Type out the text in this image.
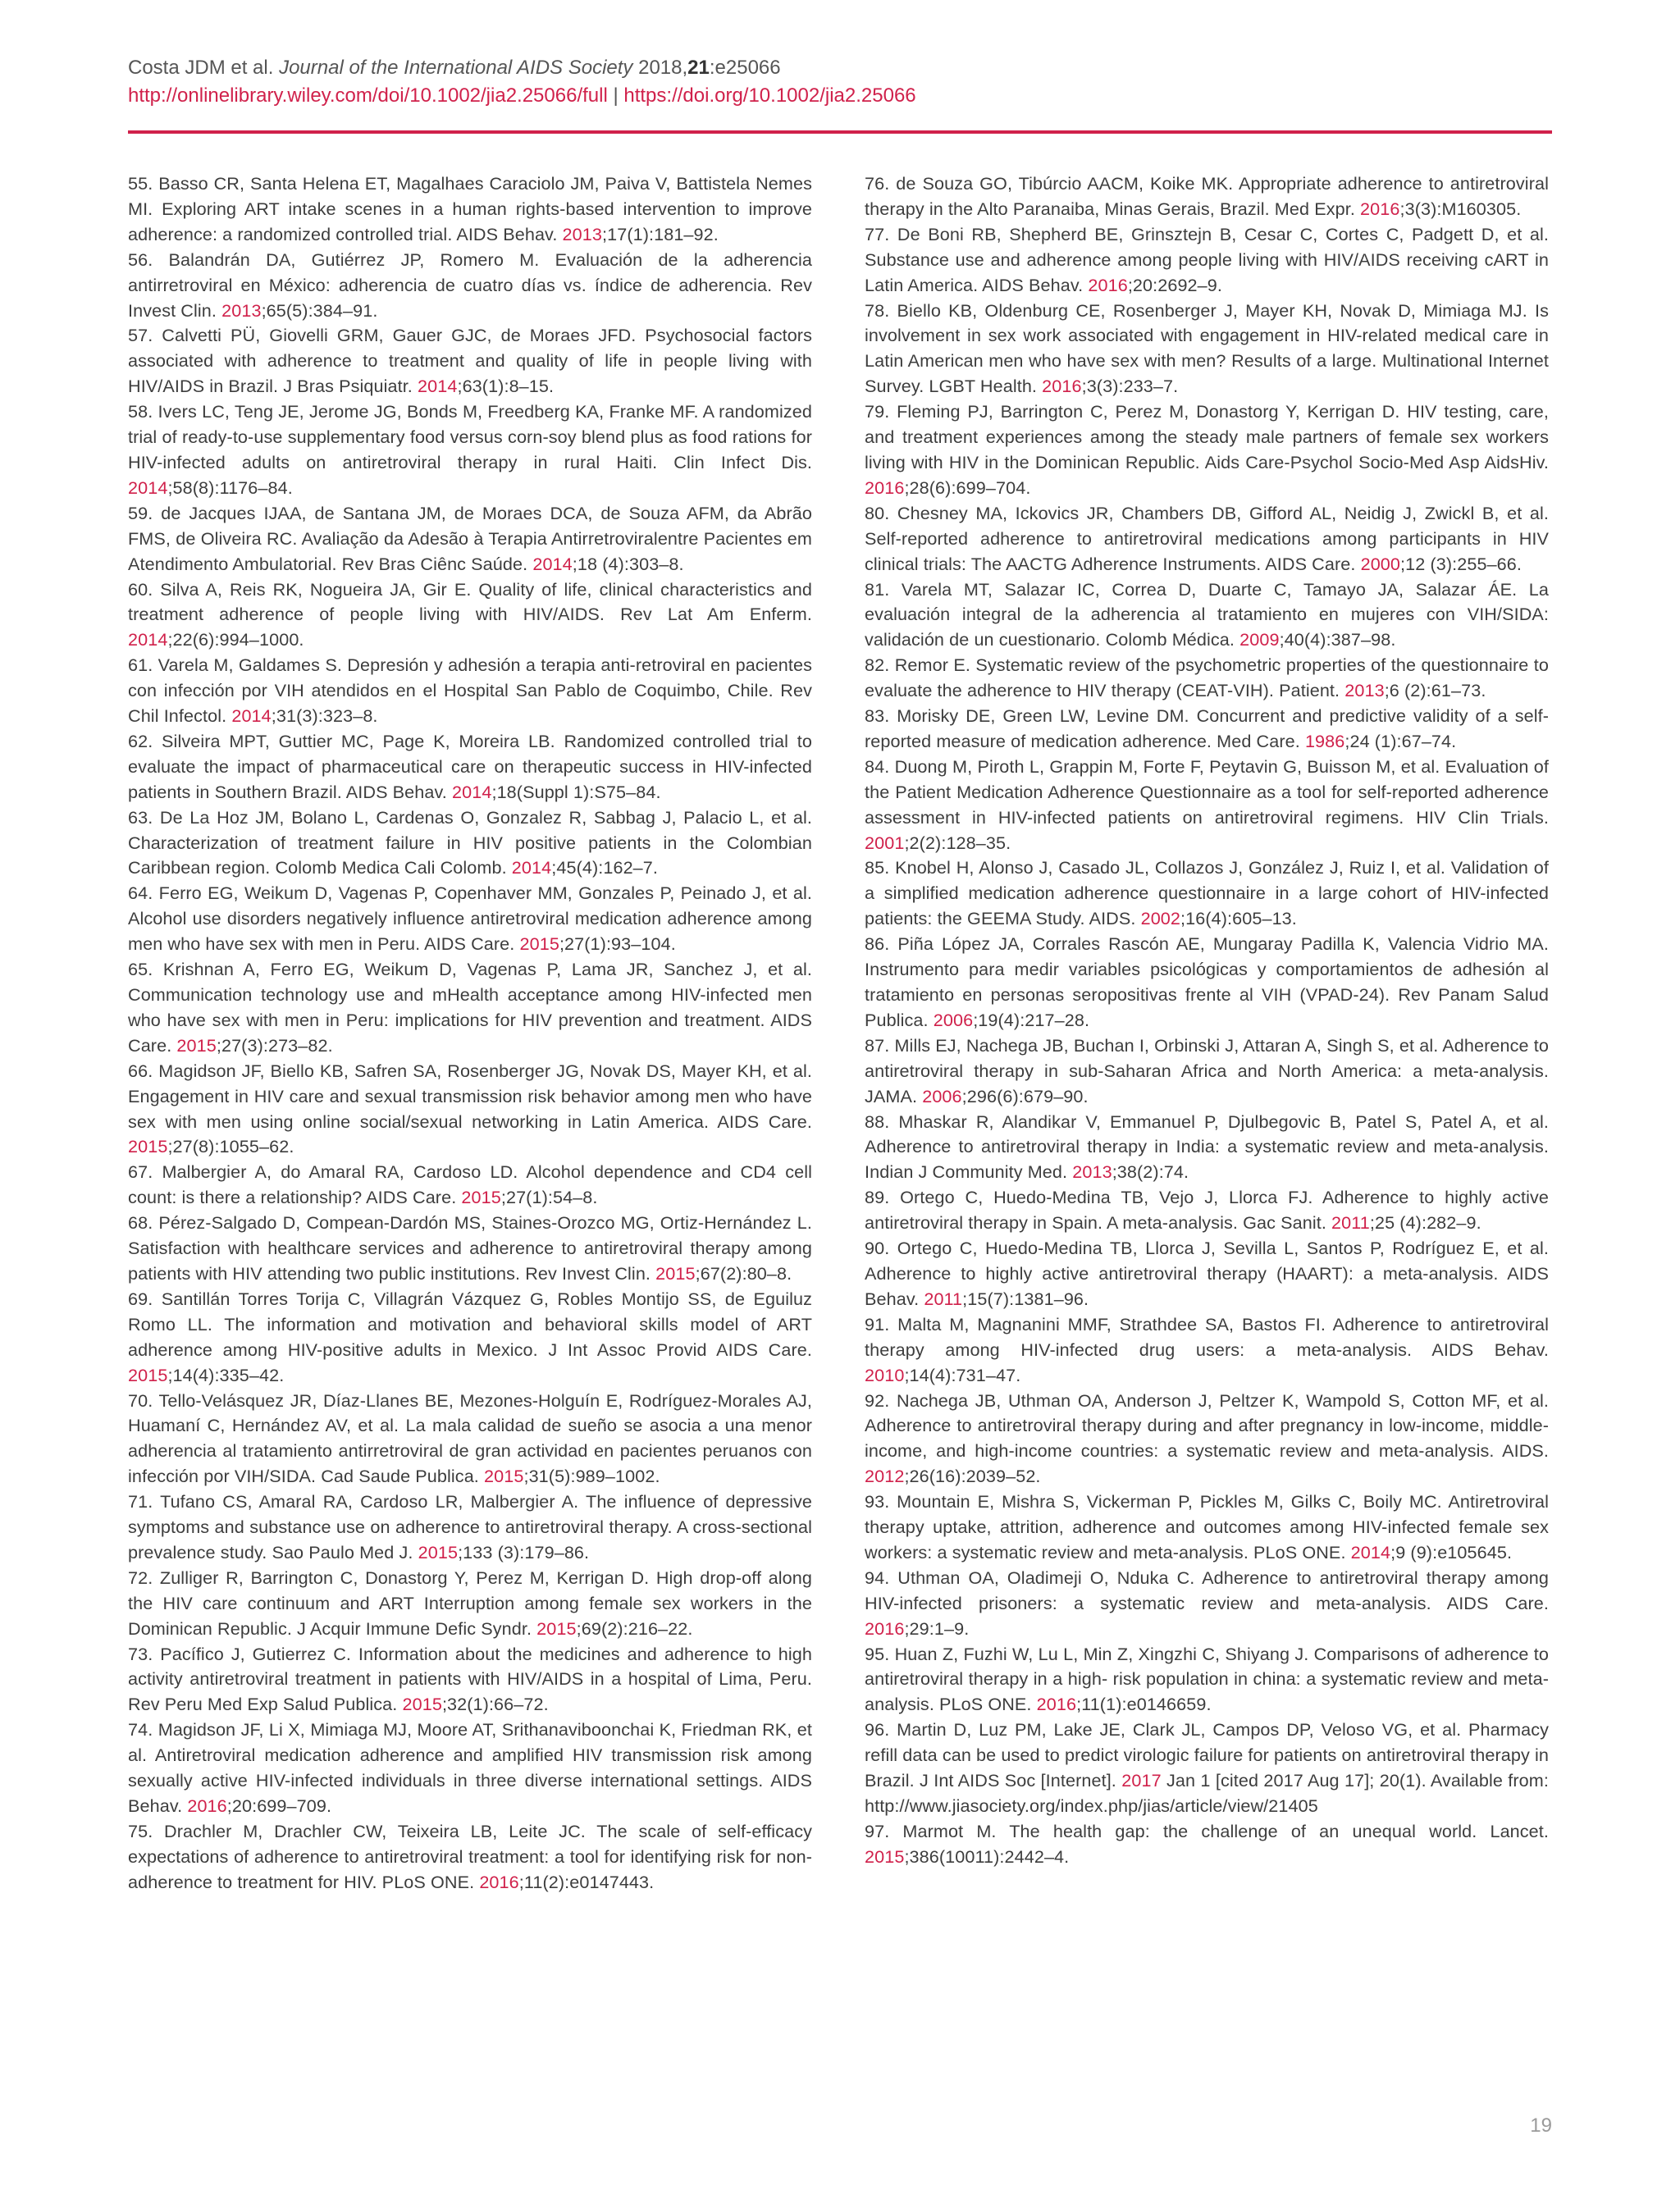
Costa JDM et al. Journal of the International AIDS Society 2018,21:e25066
http://onlinelibrary.wiley.com/doi/10.1002/jia2.25066/full | https://doi.org/10.1002/jia2.25066

55. Basso CR, Santa Helena ET, Magalhaes Caraciolo JM, Paiva V, Battistela Nemes MI. Exploring ART intake scenes in a human rights-based intervention to improve adherence: a randomized controlled trial. AIDS Behav. 2013;17(1):181–92.

56. Balandrán DA, Gutiérrez JP, Romero M. Evaluación de la adherencia antirretroviral en México: adherencia de cuatro días vs. índice de adherencia. Rev Invest Clin. 2013;65(5):384–91.

57. Calvetti PÜ, Giovelli GRM, Gauer GJC, de Moraes JFD. Psychosocial factors associated with adherence to treatment and quality of life in people living with HIV/AIDS in Brazil. J Bras Psiquiatr. 2014;63(1):8–15.

58. Ivers LC, Teng JE, Jerome JG, Bonds M, Freedberg KA, Franke MF. A randomized trial of ready-to-use supplementary food versus corn-soy blend plus as food rations for HIV-infected adults on antiretroviral therapy in rural Haiti. Clin Infect Dis. 2014;58(8):1176–84.

59. de Jacques IJAA, de Santana JM, de Moraes DCA, de Souza AFM, da Abrão FMS, de Oliveira RC. Avaliação da Adesão à Terapia Antirretroviralentre Pacientes em Atendimento Ambulatorial. Rev Bras Ciênc Saúde. 2014;18 (4):303–8.

60. Silva A, Reis RK, Nogueira JA, Gir E. Quality of life, clinical characteristics and treatment adherence of people living with HIV/AIDS. Rev Lat Am Enferm. 2014;22(6):994–1000.

61. Varela M, Galdames S. Depresión y adhesión a terapia anti-retroviral en pacientes con infección por VIH atendidos en el Hospital San Pablo de Coquimbo, Chile. Rev Chil Infectol. 2014;31(3):323–8.

62. Silveira MPT, Guttier MC, Page K, Moreira LB. Randomized controlled trial to evaluate the impact of pharmaceutical care on therapeutic success in HIV-infected patients in Southern Brazil. AIDS Behav. 2014;18(Suppl 1):S75–84.

63. De La Hoz JM, Bolano L, Cardenas O, Gonzalez R, Sabbag J, Palacio L, et al. Characterization of treatment failure in HIV positive patients in the Colombian Caribbean region. Colomb Medica Cali Colomb. 2014;45(4):162–7.

64. Ferro EG, Weikum D, Vagenas P, Copenhaver MM, Gonzales P, Peinado J, et al. Alcohol use disorders negatively influence antiretroviral medication adherence among men who have sex with men in Peru. AIDS Care. 2015;27(1):93–104.

65. Krishnan A, Ferro EG, Weikum D, Vagenas P, Lama JR, Sanchez J, et al. Communication technology use and mHealth acceptance among HIV-infected men who have sex with men in Peru: implications for HIV prevention and treatment. AIDS Care. 2015;27(3):273–82.

66. Magidson JF, Biello KB, Safren SA, Rosenberger JG, Novak DS, Mayer KH, et al. Engagement in HIV care and sexual transmission risk behavior among men who have sex with men using online social/sexual networking in Latin America. AIDS Care. 2015;27(8):1055–62.

67. Malbergier A, do Amaral RA, Cardoso LD. Alcohol dependence and CD4 cell count: is there a relationship? AIDS Care. 2015;27(1):54–8.

68. Pérez-Salgado D, Compean-Dardón MS, Staines-Orozco MG, Ortiz-Hernández L. Satisfaction with healthcare services and adherence to antiretroviral therapy among patients with HIV attending two public institutions. Rev Invest Clin. 2015;67(2):80–8.

69. Santillán Torres Torija C, Villagrán Vázquez G, Robles Montijo SS, de Eguiluz Romo LL. The information and motivation and behavioral skills model of ART adherence among HIV-positive adults in Mexico. J Int Assoc Provid AIDS Care. 2015;14(4):335–42.

70. Tello-Velásquez JR, Díaz-Llanes BE, Mezones-Holguín E, Rodríguez-Morales AJ, Huamaní C, Hernández AV, et al. La mala calidad de sueño se asocia a una menor adherencia al tratamiento antirretroviral de gran actividad en pacientes peruanos con infección por VIH/SIDA. Cad Saude Publica. 2015;31(5):989–1002.

71. Tufano CS, Amaral RA, Cardoso LR, Malbergier A. The influence of depressive symptoms and substance use on adherence to antiretroviral therapy. A cross-sectional prevalence study. Sao Paulo Med J. 2015;133 (3):179–86.

72. Zulliger R, Barrington C, Donastorg Y, Perez M, Kerrigan D. High drop-off along the HIV care continuum and ART Interruption among female sex workers in the Dominican Republic. J Acquir Immune Defic Syndr. 2015;69(2):216–22.

73. Pacífico J, Gutierrez C. Information about the medicines and adherence to high activity antiretroviral treatment in patients with HIV/AIDS in a hospital of Lima, Peru. Rev Peru Med Exp Salud Publica. 2015;32(1):66–72.

74. Magidson JF, Li X, Mimiaga MJ, Moore AT, Srithanaviboonchai K, Friedman RK, et al. Antiretroviral medication adherence and amplified HIV transmission risk among sexually active HIV-infected individuals in three diverse international settings. AIDS Behav. 2016;20:699–709.

75. Drachler M, Drachler CW, Teixeira LB, Leite JC. The scale of self-efficacy expectations of adherence to antiretroviral treatment: a tool for identifying risk for non-adherence to treatment for HIV. PLoS ONE. 2016;11(2):e0147443.

76. de Souza GO, Tibúrcio AACM, Koike MK. Appropriate adherence to antiretroviral therapy in the Alto Paranaiba, Minas Gerais, Brazil. Med Expr. 2016;3(3):M160305.

77. De Boni RB, Shepherd BE, Grinsztejn B, Cesar C, Cortes C, Padgett D, et al. Substance use and adherence among people living with HIV/AIDS receiving cART in Latin America. AIDS Behav. 2016;20:2692–9.

78. Biello KB, Oldenburg CE, Rosenberger J, Mayer KH, Novak D, Mimiaga MJ. Is involvement in sex work associated with engagement in HIV-related medical care in Latin American men who have sex with men? Results of a large. Multinational Internet Survey. LGBT Health. 2016;3(3):233–7.

79. Fleming PJ, Barrington C, Perez M, Donastorg Y, Kerrigan D. HIV testing, care, and treatment experiences among the steady male partners of female sex workers living with HIV in the Dominican Republic. Aids Care-Psychol Socio-Med Asp AidsHiv. 2016;28(6):699–704.

80. Chesney MA, Ickovics JR, Chambers DB, Gifford AL, Neidig J, Zwickl B, et al. Self-reported adherence to antiretroviral medications among participants in HIV clinical trials: The AACTG Adherence Instruments. AIDS Care. 2000;12 (3):255–66.

81. Varela MT, Salazar IC, Correa D, Duarte C, Tamayo JA, Salazar ÁE. La evaluación integral de la adherencia al tratamiento en mujeres con VIH/SIDA: validación de un cuestionario. Colomb Médica. 2009;40(4):387–98.

82. Remor E. Systematic review of the psychometric properties of the questionnaire to evaluate the adherence to HIV therapy (CEAT-VIH). Patient. 2013;6 (2):61–73.

83. Morisky DE, Green LW, Levine DM. Concurrent and predictive validity of a self-reported measure of medication adherence. Med Care. 1986;24 (1):67–74.

84. Duong M, Piroth L, Grappin M, Forte F, Peytavin G, Buisson M, et al. Evaluation of the Patient Medication Adherence Questionnaire as a tool for self-reported adherence assessment in HIV-infected patients on antiretroviral regimens. HIV Clin Trials. 2001;2(2):128–35.

85. Knobel H, Alonso J, Casado JL, Collazos J, González J, Ruiz I, et al. Validation of a simplified medication adherence questionnaire in a large cohort of HIV-infected patients: the GEEMA Study. AIDS. 2002;16(4):605–13.

86. Piña López JA, Corrales Rascón AE, Mungaray Padilla K, Valencia Vidrio MA. Instrumento para medir variables psicológicas y comportamientos de adhesión al tratamiento en personas seropositivas frente al VIH (VPAD-24). Rev Panam Salud Publica. 2006;19(4):217–28.

87. Mills EJ, Nachega JB, Buchan I, Orbinski J, Attaran A, Singh S, et al. Adherence to antiretroviral therapy in sub-Saharan Africa and North America: a meta-analysis. JAMA. 2006;296(6):679–90.

88. Mhaskar R, Alandikar V, Emmanuel P, Djulbegovic B, Patel S, Patel A, et al. Adherence to antiretroviral therapy in India: a systematic review and meta-analysis. Indian J Community Med. 2013;38(2):74.

89. Ortego C, Huedo-Medina TB, Vejo J, Llorca FJ. Adherence to highly active antiretroviral therapy in Spain. A meta-analysis. Gac Sanit. 2011;25 (4):282–9.

90. Ortego C, Huedo-Medina TB, Llorca J, Sevilla L, Santos P, Rodríguez E, et al. Adherence to highly active antiretroviral therapy (HAART): a meta-analysis. AIDS Behav. 2011;15(7):1381–96.

91. Malta M, Magnanini MMF, Strathdee SA, Bastos FI. Adherence to antiretroviral therapy among HIV-infected drug users: a meta-analysis. AIDS Behav. 2010;14(4):731–47.

92. Nachega JB, Uthman OA, Anderson J, Peltzer K, Wampold S, Cotton MF, et al. Adherence to antiretroviral therapy during and after pregnancy in low-income, middle-income, and high-income countries: a systematic review and meta-analysis. AIDS. 2012;26(16):2039–52.

93. Mountain E, Mishra S, Vickerman P, Pickles M, Gilks C, Boily MC. Antiretroviral therapy uptake, attrition, adherence and outcomes among HIV-infected female sex workers: a systematic review and meta-analysis. PLoS ONE. 2014;9 (9):e105645.

94. Uthman OA, Oladimeji O, Nduka C. Adherence to antiretroviral therapy among HIV-infected prisoners: a systematic review and meta-analysis. AIDS Care. 2016;29:1–9.

95. Huan Z, Fuzhi W, Lu L, Min Z, Xingzhi C, Shiyang J. Comparisons of adherence to antiretroviral therapy in a high- risk population in china: a systematic review and meta-analysis. PLoS ONE. 2016;11(1):e0146659.

96. Martin D, Luz PM, Lake JE, Clark JL, Campos DP, Veloso VG, et al. Pharmacy refill data can be used to predict virologic failure for patients on antiretroviral therapy in Brazil. J Int AIDS Soc [Internet]. 2017 Jan 1 [cited 2017 Aug 17]; 20(1). Available from: http://www.jiasociety.org/index.php/jias/article/view/21405

97. Marmot M. The health gap: the challenge of an unequal world. Lancet. 2015;386(10011):2442–4.

19
